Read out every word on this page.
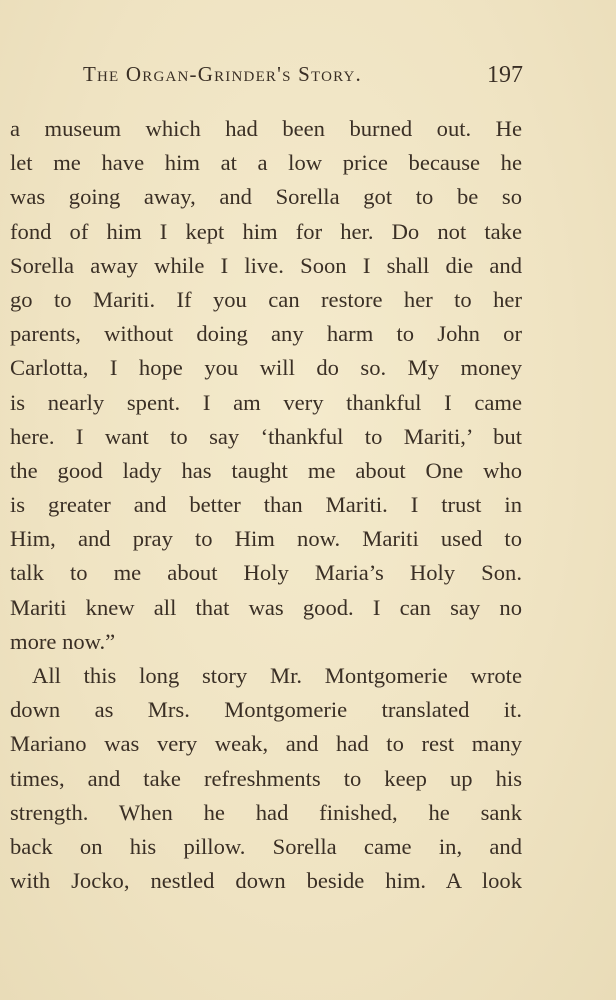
The Organ-Grinder's Story.	197
a museum which had been burned out. He
let me have him at a low price because he
was going away, and Sorella got to be so
fond of him I kept him for her. Do not take
Sorella away while I live. Soon I shall die and
go to Mariti. If you can restore her to her
parents, without doing any harm to John or
Carlotta, I hope you will do so. My money
is nearly spent. I am very thankful I came
here. I want to say ‘thankful to Mariti,’ but
the good lady has taught me about One who
is greater and better than Mariti. I trust in
Him, and pray to Him now. Mariti used to
talk to me about Holy Maria’s Holy Son.
Mariti knew all that was good. I can say no
more now.”
All this long story Mr. Montgomerie wrote
down as Mrs. Montgomerie translated it.
Mariano was very weak, and had to rest many
times, and take refreshments to keep up his
strength. When he had finished, he sank
back on his pillow. Sorella came in, and
with Jocko, nestled down beside him. A look
